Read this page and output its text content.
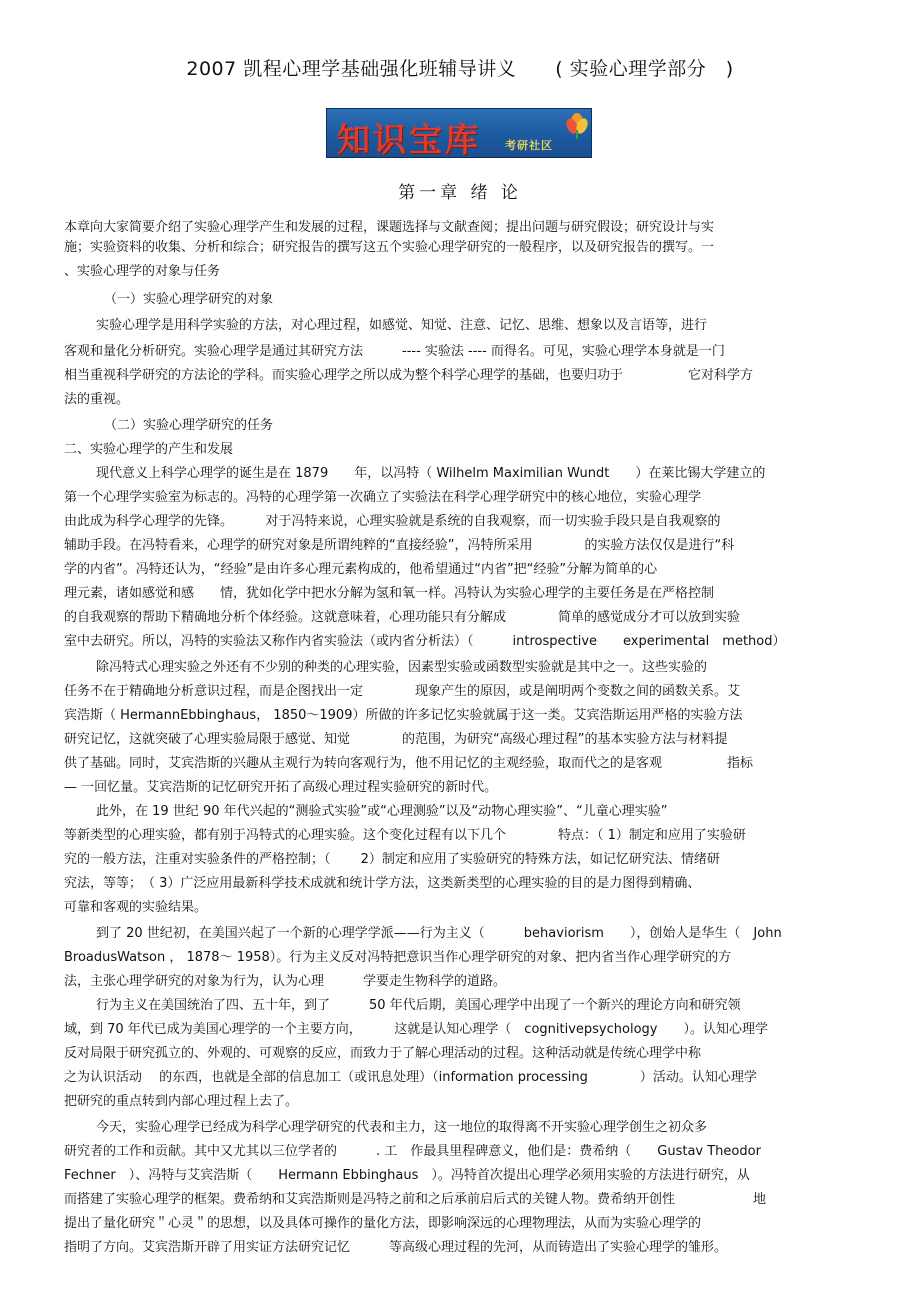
2007 凯程心理学基础强化班辅导讲义　　( 实验心理学部分　)
知识宝库 考研社区
第一章 绪 论
本章向大家简要介绍了实验心理学产生和发展的过程，课题选择与文献查阅；提出问题与研究假设；研究设计与实
施；实验资料的收集、分析和综合；研究报告的撰写这五个实验心理学研究的一般程序，以及研究报告的撰写。一
、实验心理学的对象与任务
（一）实验心理学研究的对象
实验心理学是用科学实验的方法，对心理过程，如感觉、知觉、注意、记忆、思维、想象以及言语等，进行
客观和量化分析研究。实验心理学是通过其研究方法　　　---- 实验法 ---- 而得名。可见，实验心理学本身就是一门
相当重视科学研究的方法论的学科。而实验心理学之所以成为整个科学心理学的基础，也要归功于　　　　　它对科学方
法的重视。
（二）实验心理学研究的任务
二、实验心理学的产生和发展
现代意义上科学心理学的诞生是在 1879　　年，以冯特（ Wilhelm Maximilian Wundt　　）在莱比锡大学建立的
第一个心理学实验室为标志的。冯特的心理学第一次确立了实验法在科学心理学研究中的核心地位，实验心理学
由此成为科学心理学的先锋。　　　对于冯特来说，心理实验就是系统的自我观察，而一切实验手段只是自我观察的
辅助手段。在冯特看来，心理学的研究对象是所谓纯粹的“直接经验”，冯特所采用　　　　的实验方法仅仅是进行“科
学的内省”。冯特还认为，“经验”是由许多心理元素构成的，他希望通过“内省”把“经验”分解为简单的心
理元素，诸如感觉和感　　情，犹如化学中把水分解为氢和氧一样。冯特认为实验心理学的主要任务是在严格控制
的自我观察的帮助下精确地分析个体经验。这就意味着，心理功能只有分解成　　　　简单的感觉成分才可以放到实验
室中去研究。所以，冯特的实验法又称作内省实验法（或内省分析法）（　　　introspective　　experimental　method）
除冯特式心理实验之外还有不少别的种类的心理实验，因素型实验或函数型实验就是其中之一。这些实验的
任务不在于精确地分析意识过程，而是企图找出一定　　　　现象产生的原因，或是阐明两个变数之间的函数关系。艾
宾浩斯（ HermannEbbinghaus， 1850～1909）所做的许多记忆实验就属于这一类。艾宾浩斯运用严格的实验方法
研究记忆，这就突破了心理实验局限于感觉、知觉　　　　的范围，为研究“高级心理过程”的基本实验方法与材料提
供了基础。同时，艾宾浩斯的兴趣从主观行为转向客观行为，他不用记忆的主观经验，取而代之的是客观　　　　　指标
— 一回忆量。艾宾浩斯的记忆研究开拓了高级心理过程实验研究的新时代。
此外，在 19 世纪 90 年代兴起的“测验式实验”或“心理测验”以及“动物心理实验”、“儿童心理实验”
等新类型的心理实验，都有别于冯特式的心理实验。这个变化过程有以下几个　　　　特点：（ 1）制定和应用了实验研
究的一般方法，注重对实验条件的严格控制；（　　 2）制定和应用了实验研究的特殊方法，如记忆研究法、情绪研
究法，等等；　（ 3）广泛应用最新科学技术成就和统计学方法，这类新类型的心理实验的目的是力图得到精确、
可靠和客观的实验结果。
到了 20 世纪初，在美国兴起了一个新的心理学学派——行为主义（　　　behaviorism　　），创始人是华生（　John
BroadusWatson ， 1878～ 1958）。行为主义反对冯特把意识当作心理学研究的对象、把内省当作心理学研究的方
法，主张心理学研究的对象为行为，认为心理　　　学要走生物科学的道路。
行为主义在美国统治了四、五十年，到了　　　50 年代后期，美国心理学中出现了一个新兴的理论方向和研究领
域，到 70 年代已成为美国心理学的一个主要方向，　　　这就是认知心理学（　cognitivepsychology　　）。认知心理学
反对局限于研究孤立的、外观的、可观察的反应，而致力于了解心理活动的过程。这种活动就是传统心理学中称
之为认识活动　 的东西，也就是全部的信息加工（或讯息处理）（information processing　　　　）活动。认知心理学
把研究的重点转到内部心理过程上去了。
今天，实验心理学已经成为科学心理学研究的代表和主力，这一地位的取得离不开实验心理学创生之初众多
研究者的工作和贡献。其中又尤其以三位学者的　　　. 工　作最具里程碑意义，他们是：费希纳（　　Gustav Theodor
Fechner　）、冯特与艾宾浩斯（　　Hermann Ebbinghaus　）。冯特首次提出心理学必须用实验的方法进行研究，从
而搭建了实验心理学的框架。费希纳和艾宾浩斯则是冯特之前和之后承前启后式的关键人物。费希纳开创性　　　　　　地
提出了量化研究＂心灵＂的思想，以及具体可操作的量化方法，即影响深远的心理物理法，从而为实验心理学的
指明了方向。艾宾浩斯开辟了用实证方法研究记忆　　　等高级心理过程的先河，从而铸造出了实验心理学的雏形。
